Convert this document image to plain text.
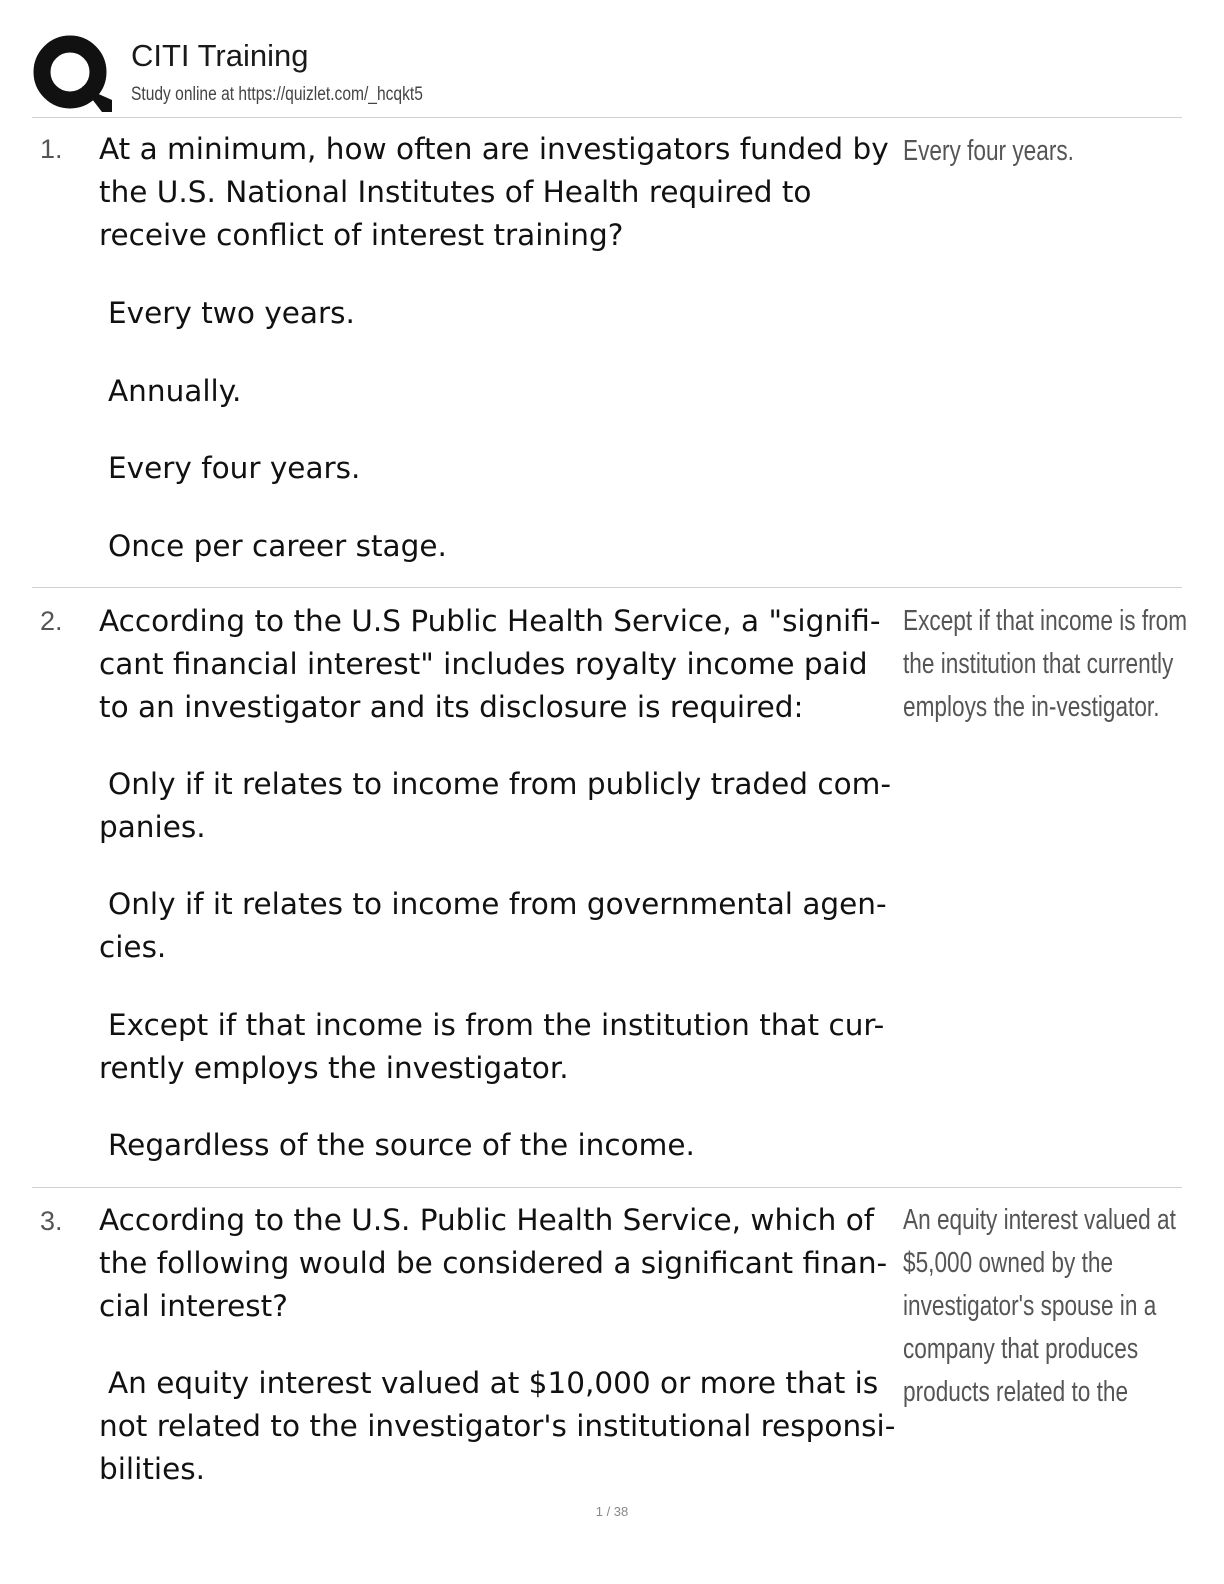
CITI Training
Study online at https://quizlet.com/_hcqkt5
1. At a minimum, how often are investigators funded by the U.S. National Institutes of Health required to receive conflict of interest training?
Every four years.
Every two years.
Annually.
Every four years.
Once per career stage.
2. According to the U.S Public Health Service, a "signifi-cant financial interest" includes royalty income paid to an investigator and its disclosure is required:
Except if that income is from the institution that currently employs the in-vestigator.
Only if it relates to income from publicly traded com-panies.
Only if it relates to income from governmental agen-cies.
Except if that income is from the institution that cur-rently employs the investigator.
Regardless of the source of the income.
3. According to the U.S. Public Health Service, which of the following would be considered a significant finan-cial interest?
An equity interest valued at $5,000 owned by the investigator's spouse in a company that produces products related to the
An equity interest valued at $10,000 or more that is not related to the investigator's institutional responsi-bilities.
1 / 38
